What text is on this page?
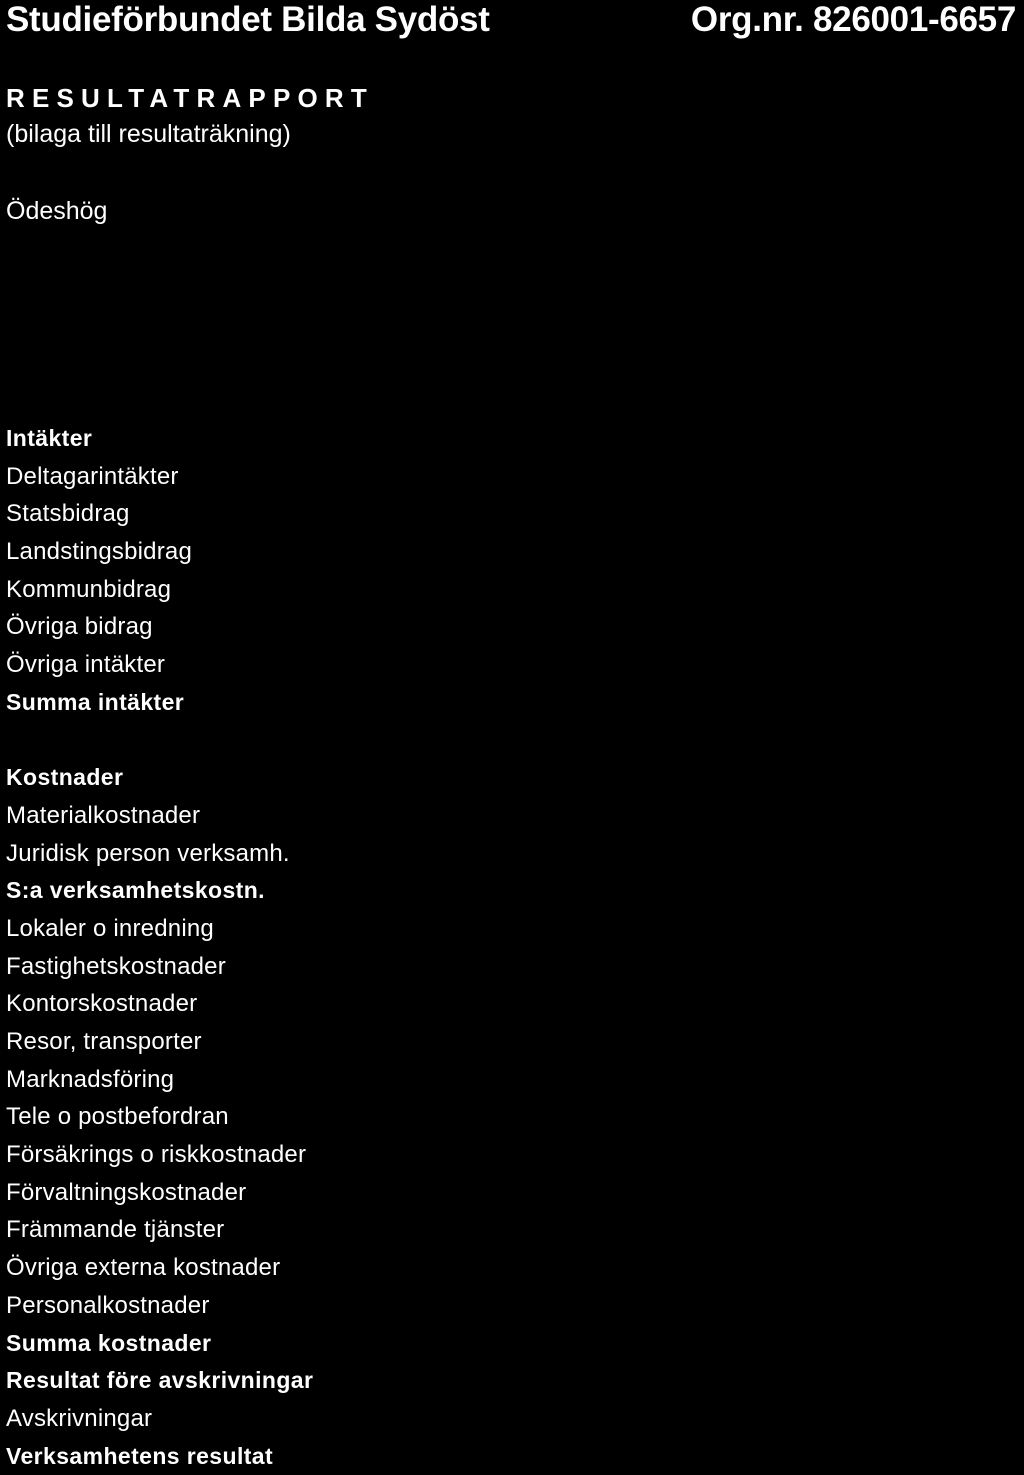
Studieförbundet Bilda Sydöst	Org.nr. 826001-6657
RESULTATRAPPORT
(bilaga till resultaträkning)
Ödeshög
Intäkter
Deltagarintäkter
Statsbidrag
Landstingsbidrag
Kommunbidrag
Övriga bidrag
Övriga intäkter
Summa intäkter
Kostnader
Materialkostnader
Juridisk person verksamh.
S:a verksamhetskostn.
Lokaler o inredning
Fastighetskostnader
Kontorskostnader
Resor, transporter
Marknadsföring
Tele o postbefordran
Försäkrings o riskkostnader
Förvaltningskostnader
Främmande tjänster
Övriga externa kostnader
Personalkostnader
Summa kostnader
Resultat före avskrivningar
Avskrivningar
Verksamhetens resultat
